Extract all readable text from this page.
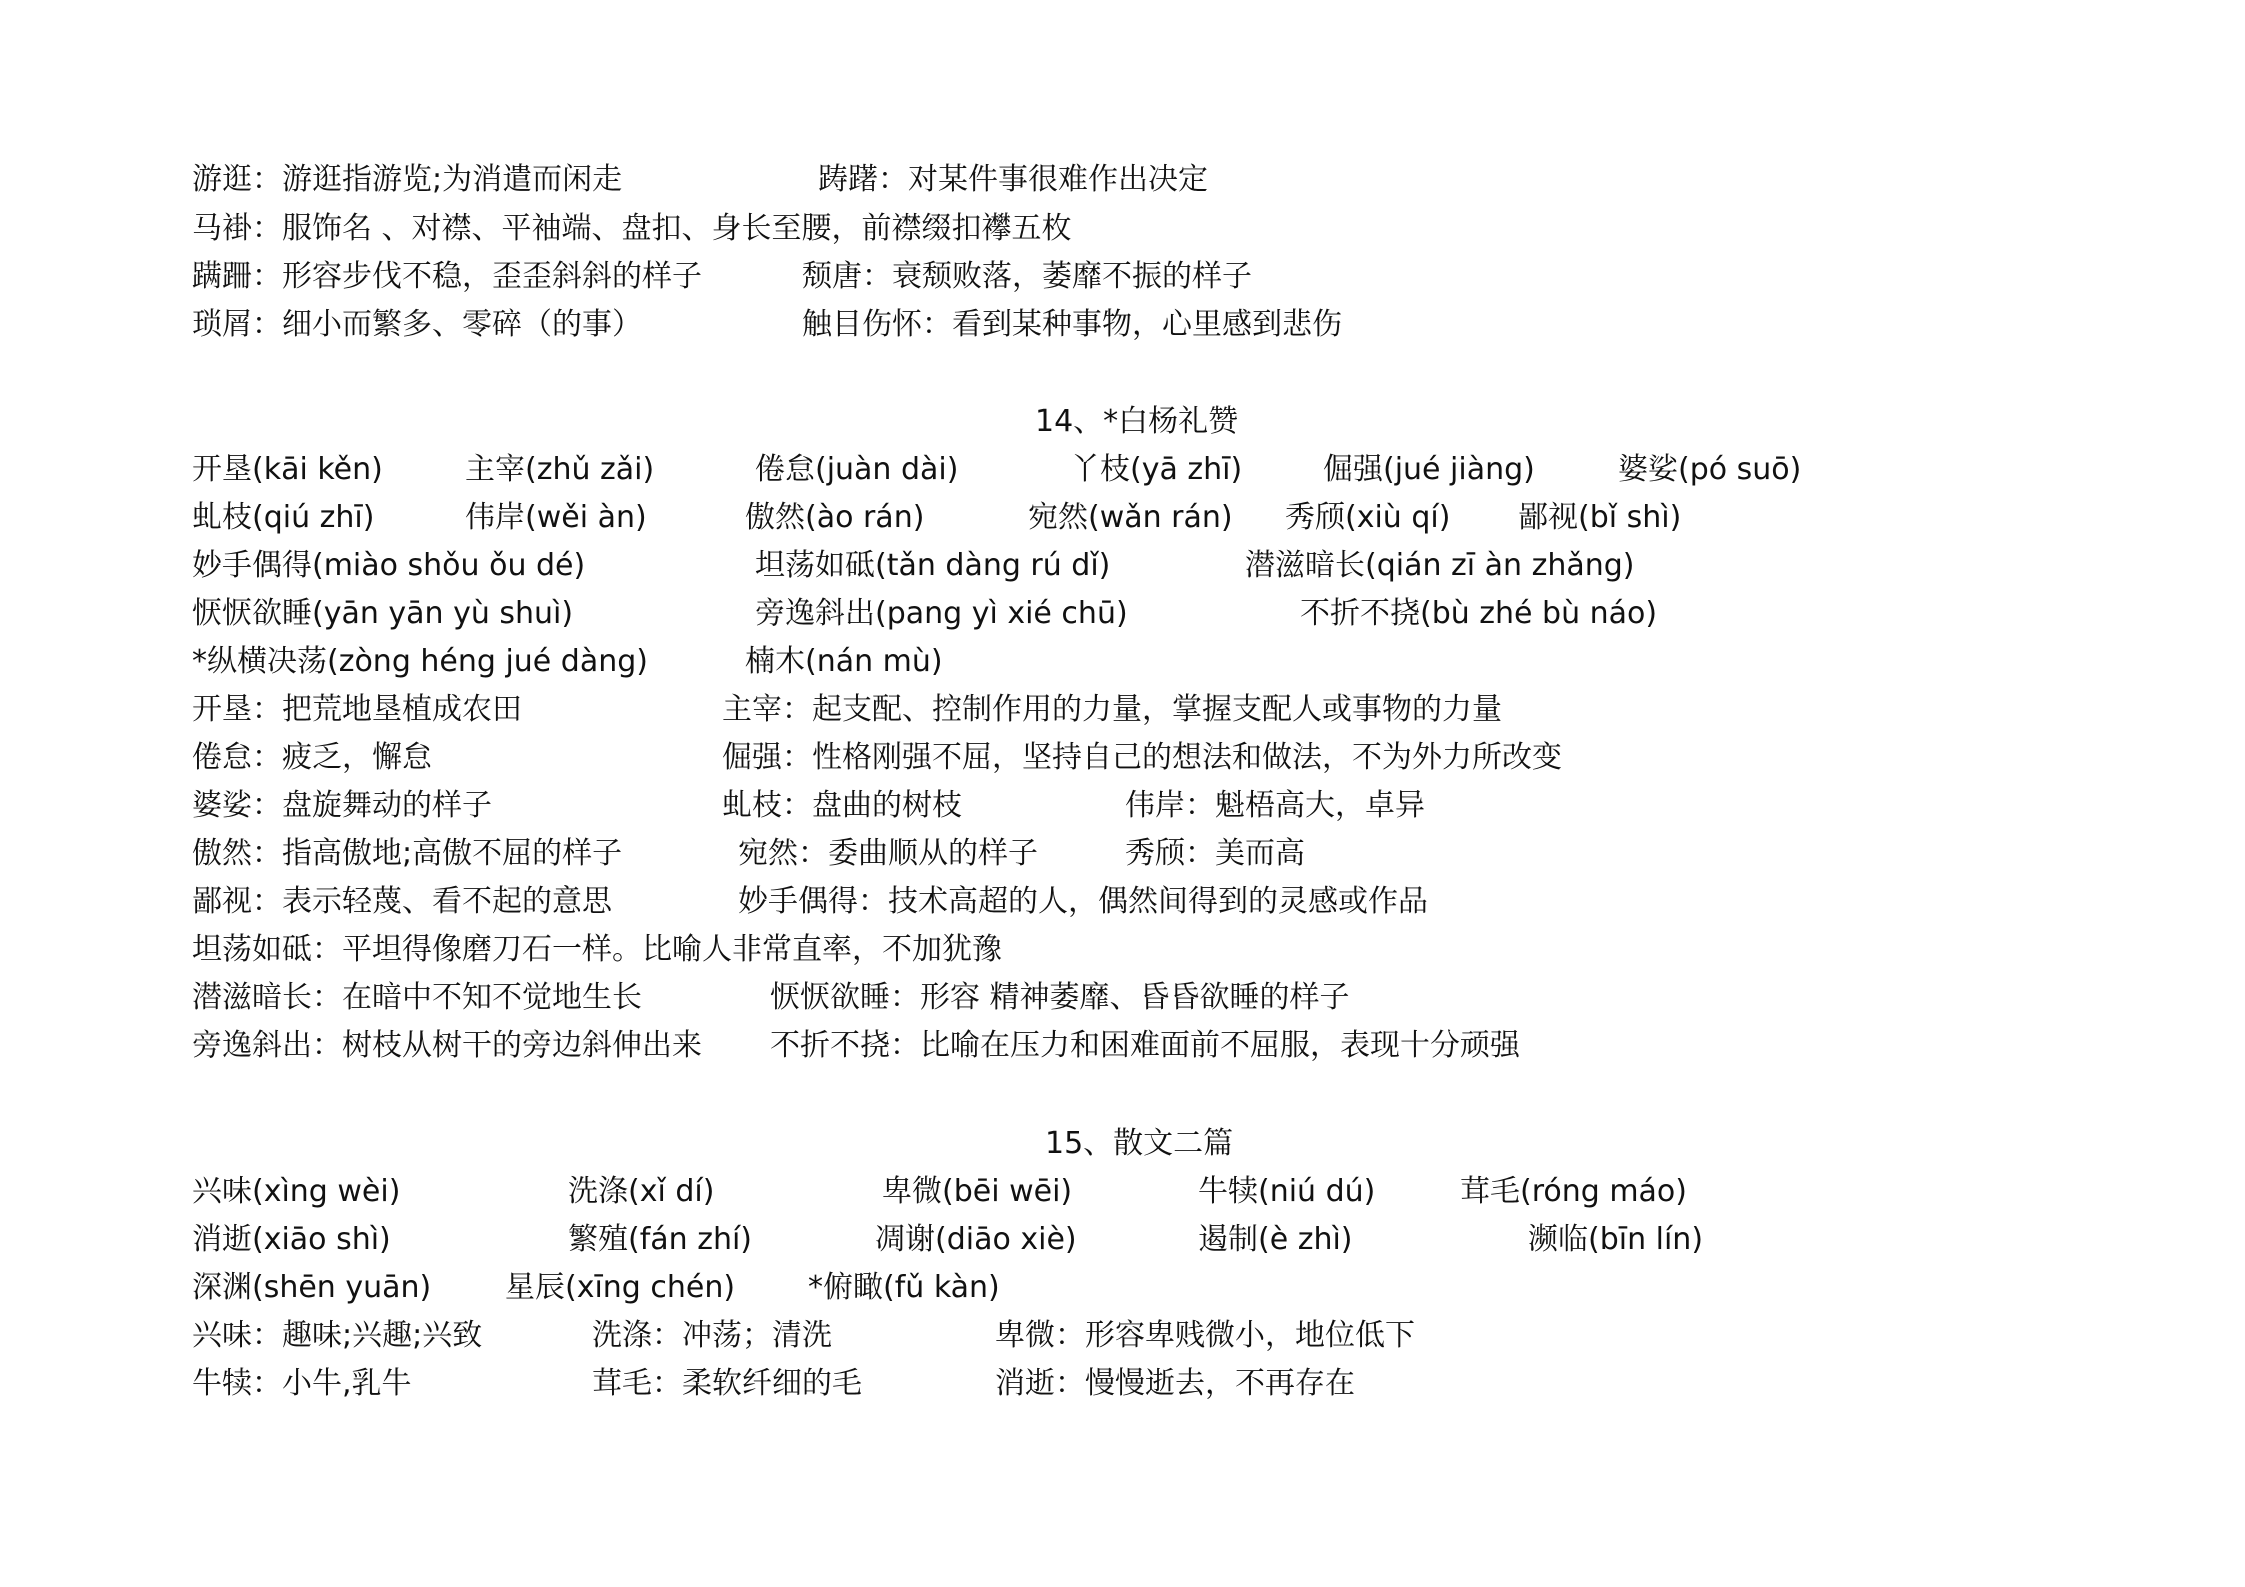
游逛：游逛指游览;为消遣而闲走	踌躇：对某件事很难作出决定
马褂：服饰名 、对襟、平袖端、盘扣、身长至腰，前襟缀扣襻五枚
蹒跚：形容步伐不稳，歪歪斜斜的样子	颓唐：衰颓败落，萎靡不振的样子
琐屑：细小而繁多、零碎（的事）	触目伤怀：看到某种事物，心里感到悲伤
14、*白杨礼赞
开垦(kāi kěn)	主宰(zhǔ zǎi)	倦怠(juàn dài)	丫枝(yā zhī)	倔强(jué jiàng)	婆娑(pó suō)
虬枝(qiú zhī)	伟岸(wěi àn)	傲然(ào rán)	宛然(wǎn rán) 秀颀(xiù qí) 鄙视(bǐ shì)
妙手偶得(miào shǒu ǒu dé)	坦荡如砥(tǎn dàng rú dǐ)	潜滋暗长(qián zī àn zhǎng)
恹恹欲睡(yān yān yù shuì)	旁逸斜出(pang yì xié chū)	不折不挠(bù zhé bù náo)
*纵横决荡(zòng héng jué dàng)	楠木(nán mù)
开垦：把荒地垦植成农田	主宰：起支配、控制作用的力量，掌握支配人或事物的力量
倦怠：疲乏，懈怠	倔强：性格刚强不屈，坚持自己的想法和做法，不为外力所改变
婆娑：盘旋舞动的样子	虬枝：盘曲的树枝	伟岸：魁梧高大，卓异
傲然：指高傲地;高傲不屈的样子	宛然：委曲顺从的样子	秀颀：美而高
鄙视：表示轻蔑、看不起的意思	妙手偶得：技术高超的人，偶然间得到的灵感或作品
坦荡如砥：平坦得像磨刀石一样。比喻人非常直率，不加犹豫
潜滋暗长：在暗中不知不觉地生长	恹恹欲睡：形容 精神萎靡、昏昏欲睡的样子
旁逸斜出：树枝从树干的旁边斜伸出来 不折不挠：比喻在压力和困难面前不屈服，表现十分顽强
15、散文二篇
兴味(xìng wèi)	洗涤(xǐ dí)	卑微(bēi wēi)	牛犊(niú dú)	茸毛(róng máo)
消逝(xiāo shì)	繁殖(fán zhí)	凋谢(diāo xiè)	遏制(è zhì)	濒临(bīn lín)
深渊(shēn yuān) 星辰(xīng chén) *俯瞰(fǔ kàn)
兴味：趣味;兴趣;兴致	洗涤：冲荡；清洗	卑微：形容卑贱微小，地位低下
牛犊：小牛,乳牛	茸毛：柔软纤细的毛	消逝：慢慢逝去，不再存在
